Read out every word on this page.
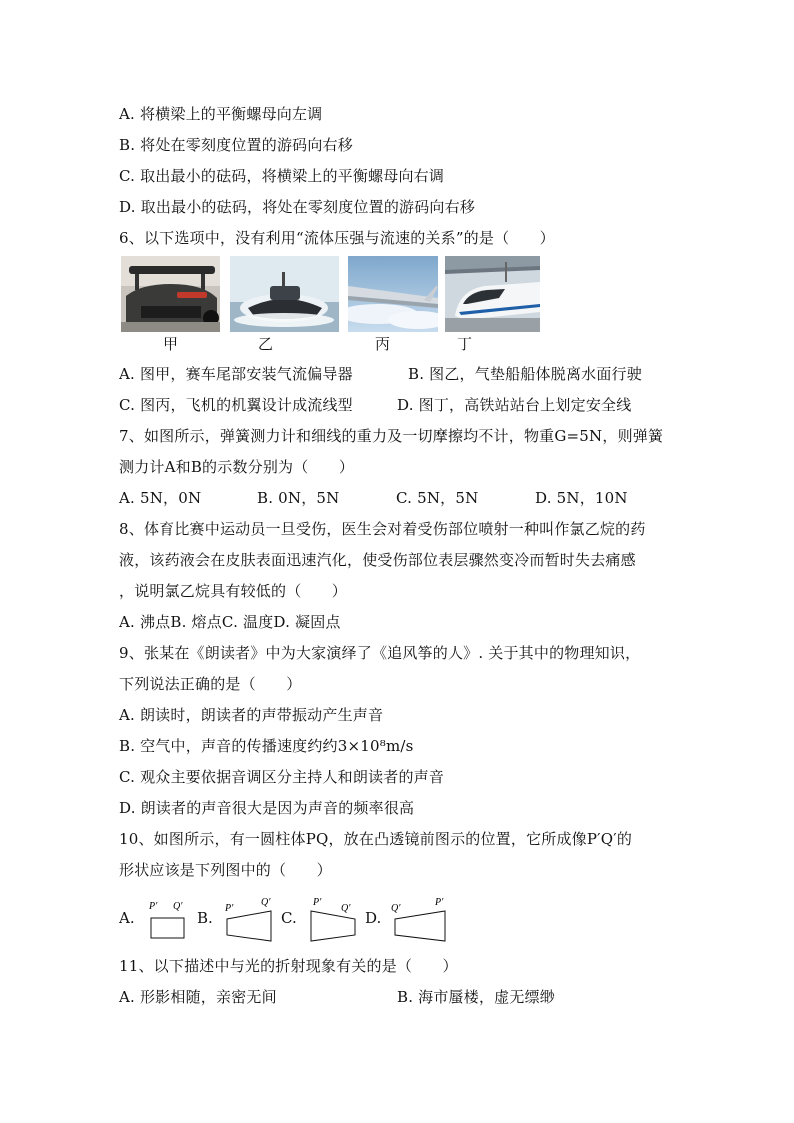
A. 将横梁上的平衡螺母向左调
B. 将处在零刻度位置的游码向右移
C. 取出最小的砝码，将横梁上的平衡螺母向右调
D. 取出最小的砝码，将处在零刻度位置的游码向右移
6、以下选项中，没有利用“流体压强与流速的关系”的是（　　）
甲	乙	丙	丁
A. 图甲，赛车尾部安装气流偏导器	B. 图乙，气垫船船体脱离水面行驶
C. 图丙，飞机的机翼设计成流线型	D. 图丁，高铁站站台上划定安全线
7、如图所示，弹簧测力计和细线的重力及一切摩擦均不计，物重G=5N，则弹簧
测力计A和B的示数分别为（　　）
A. 5N，0N	B. 0N，5N	C. 5N，5N	D. 5N，10N
8、体育比赛中运动员一旦受伤，医生会对着受伤部位喷射一种叫作氯乙烷的药
液，该药液会在皮肤表面迅速汽化，使受伤部位表层骤然变冷而暂时失去痛感
，说明氯乙烷具有较低的（　　）
A. 沸点B. 熔点C. 温度D. 凝固点
9、张某在《朗读者》中为大家演绎了《追风筝的人》. 关于其中的物理知识，
下列说法正确的是（　　）
A. 朗读时，朗读者的声带振动产生声音
B. 空气中，声音的传播速度约约3×10⁸m/s
C. 观众主要依据音调区分主持人和朗读者的声音
D. 朗读者的声音很大是因为声音的频率很高
10、如图所示，有一圆柱体PQ，放在凸透镜前图示的位置，它所成像P′Q′的
形状应该是下列图中的（　　）
A.
P′ Q′
B.
P′
Q′
C.
P′
Q′
D.
Q′
P′
11、以下描述中与光的折射现象有关的是（　　）
A. 形影相随，亲密无间	B. 海市蜃楼，虚无缥缈
